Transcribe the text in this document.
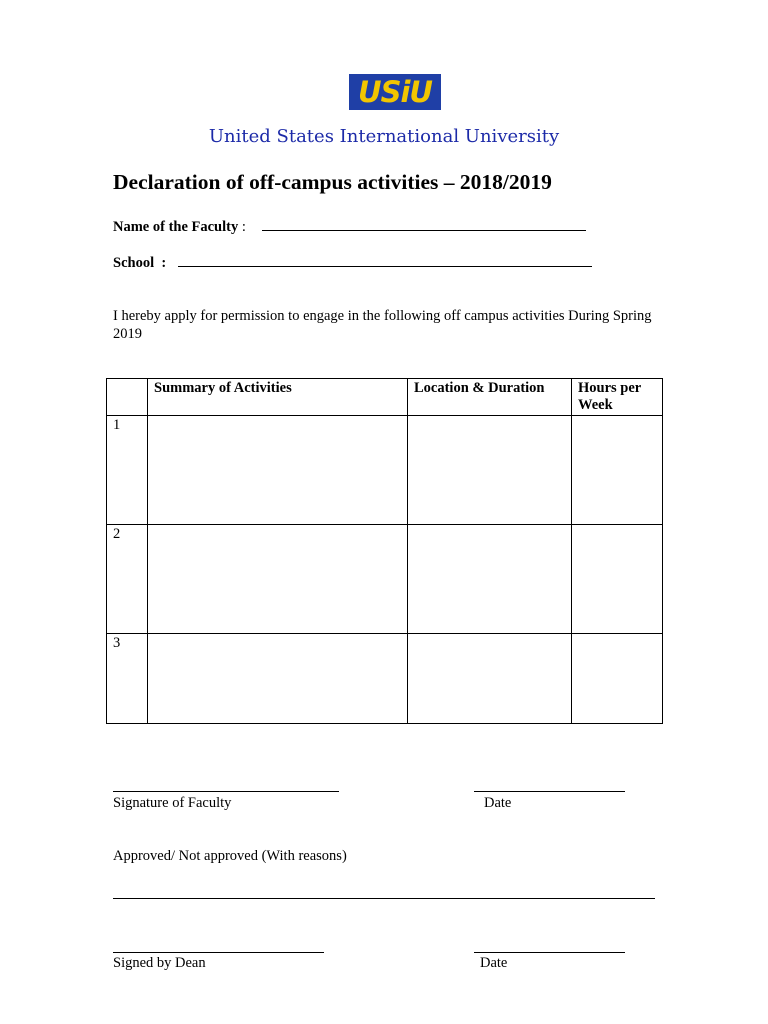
USiU
United States International University
Declaration of off-campus activities – 2018/2019
Name of the Faculty :
School :
I hereby apply for permission to engage in the following off campus activities During Spring 2019
	Summary of Activities	Location & Duration	Hours per Week
1			
2			
3			
Signature of Faculty	Date
Approved/ Not approved (With reasons)
Signed by Dean	Date
